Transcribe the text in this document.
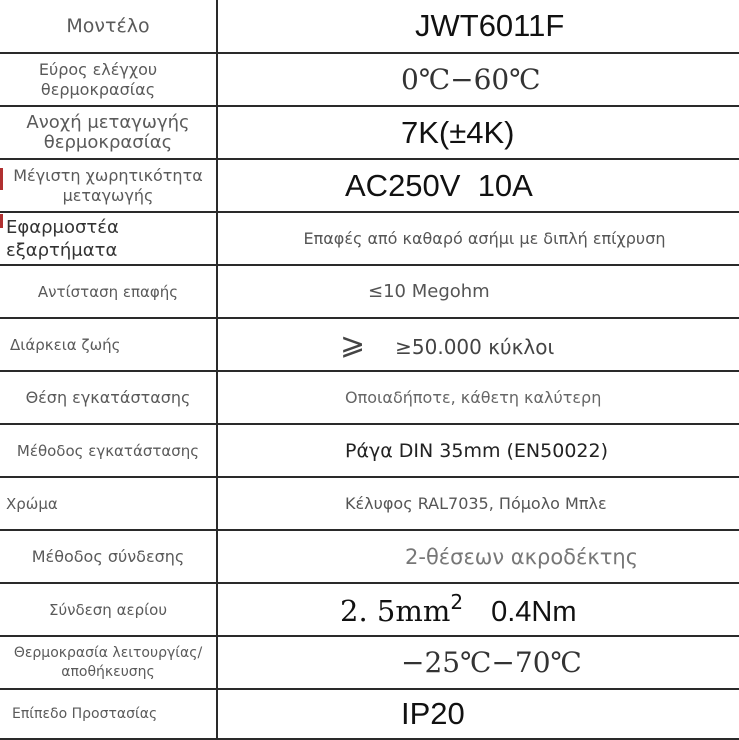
Μοντέλο	JWT6011F

Εύρος ελέγχου θερμοκρασίας	0℃−60℃

Ανοχή μεταγωγής θερμοκρασίας	7K(±4K)

Μέγιστη χωρητικότητα μεταγωγής	AC250V  10A

Εφαρμοστέα εξαρτήματα	Επαφές από καθαρό ασήμι με διπλή επίχρυση

Αντίσταση επαφής	≤10 Megohm

Διάρκεια ζωής	⩾ ≥50.000 κύκλοι

Θέση εγκατάστασης	Οποιαδήποτε, κάθετη καλύτερη

Μέθοδος εγκατάστασης	Ράγα DIN 35mm (EN50022)

Χρώμα	Κέλυφος RAL7035, Πόμολο Μπλε

Μέθοδος σύνδεσης	2-θέσεων ακροδέκτης

Σύνδεση αερίου	2. $5mm^2$ 0.4Nm

Θερμοκρασία λειτουργίας/αποθήκευσης	−25℃−70℃

Επίπεδο Προστασίας	IP20
